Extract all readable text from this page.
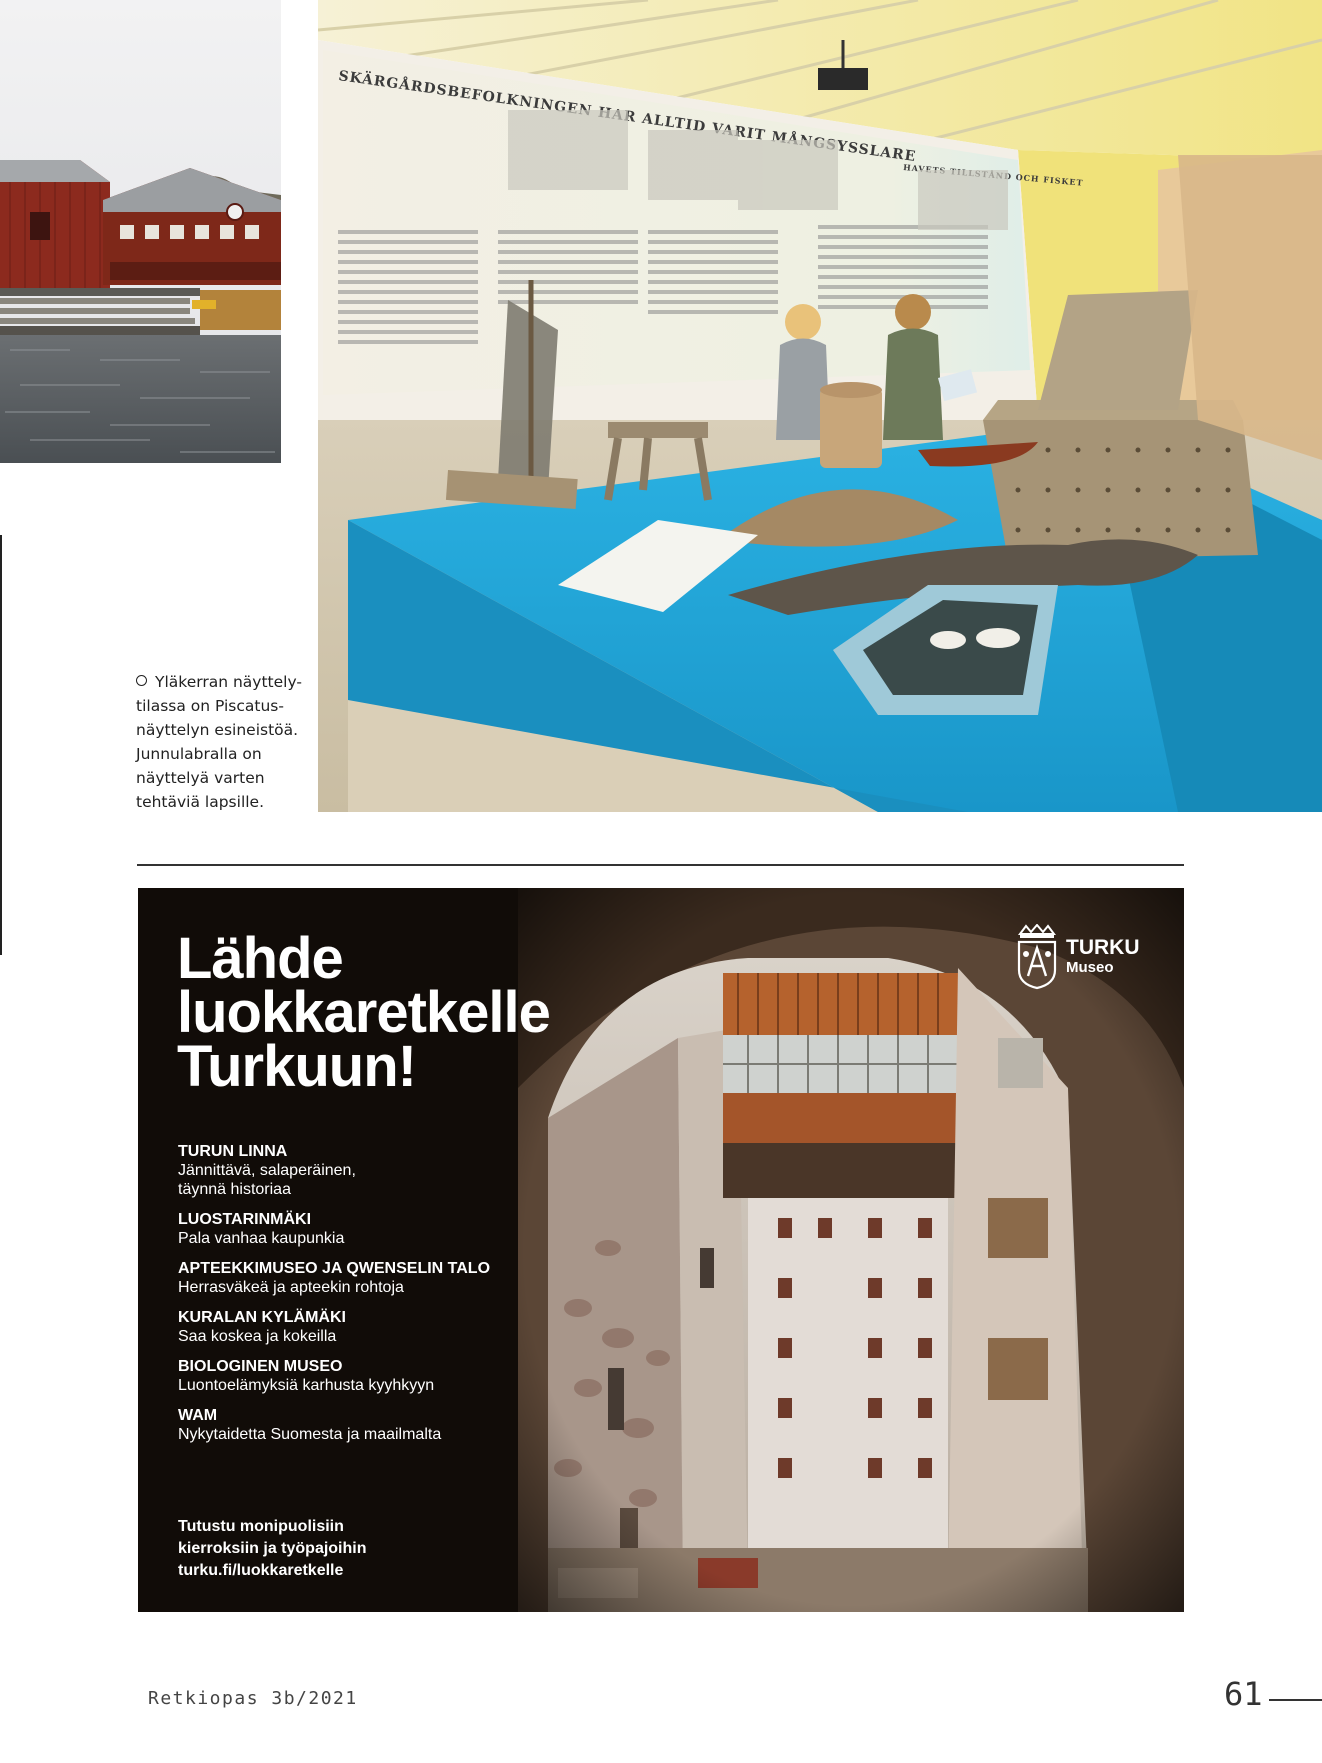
Yläkerran näyttely-
tilassa on Piscatus-
näyttelyn esineistöä.
Junnulabralla on
näyttelyä varten
tehtäviä lapsille.
SKÄRGÅRDSBEFOLKNINGEN ALLTID VARIT MÅNGSYSSLARE
HAVETS OCH FISKET
Lähde
luokkaretkelle
Turkuun!
TURUN LINNA
Jännittävä, salaperäinen,
täynnä historiaa
LUOSTARINMÄKI
Pala vanhaa kaupunkia
APTEEKKIMUSEO JA QWENSELIN TALO
Herrasväkeä ja apteekin rohtoja
KURALAN KYLÄMÄKI
Saa koskea ja kokeilla
BIOLOGINEN MUSEO
Luontoelämyksiä karhusta kyyhkyyn
WAM
Nykytaidetta Suomesta ja maailmalta
Tutustu monipuolisiin
kierroksiin ja työpajoihin
turku.fi/luokkaretkelle
TURKU
Museo
Retkiopas 3b/2021	61
